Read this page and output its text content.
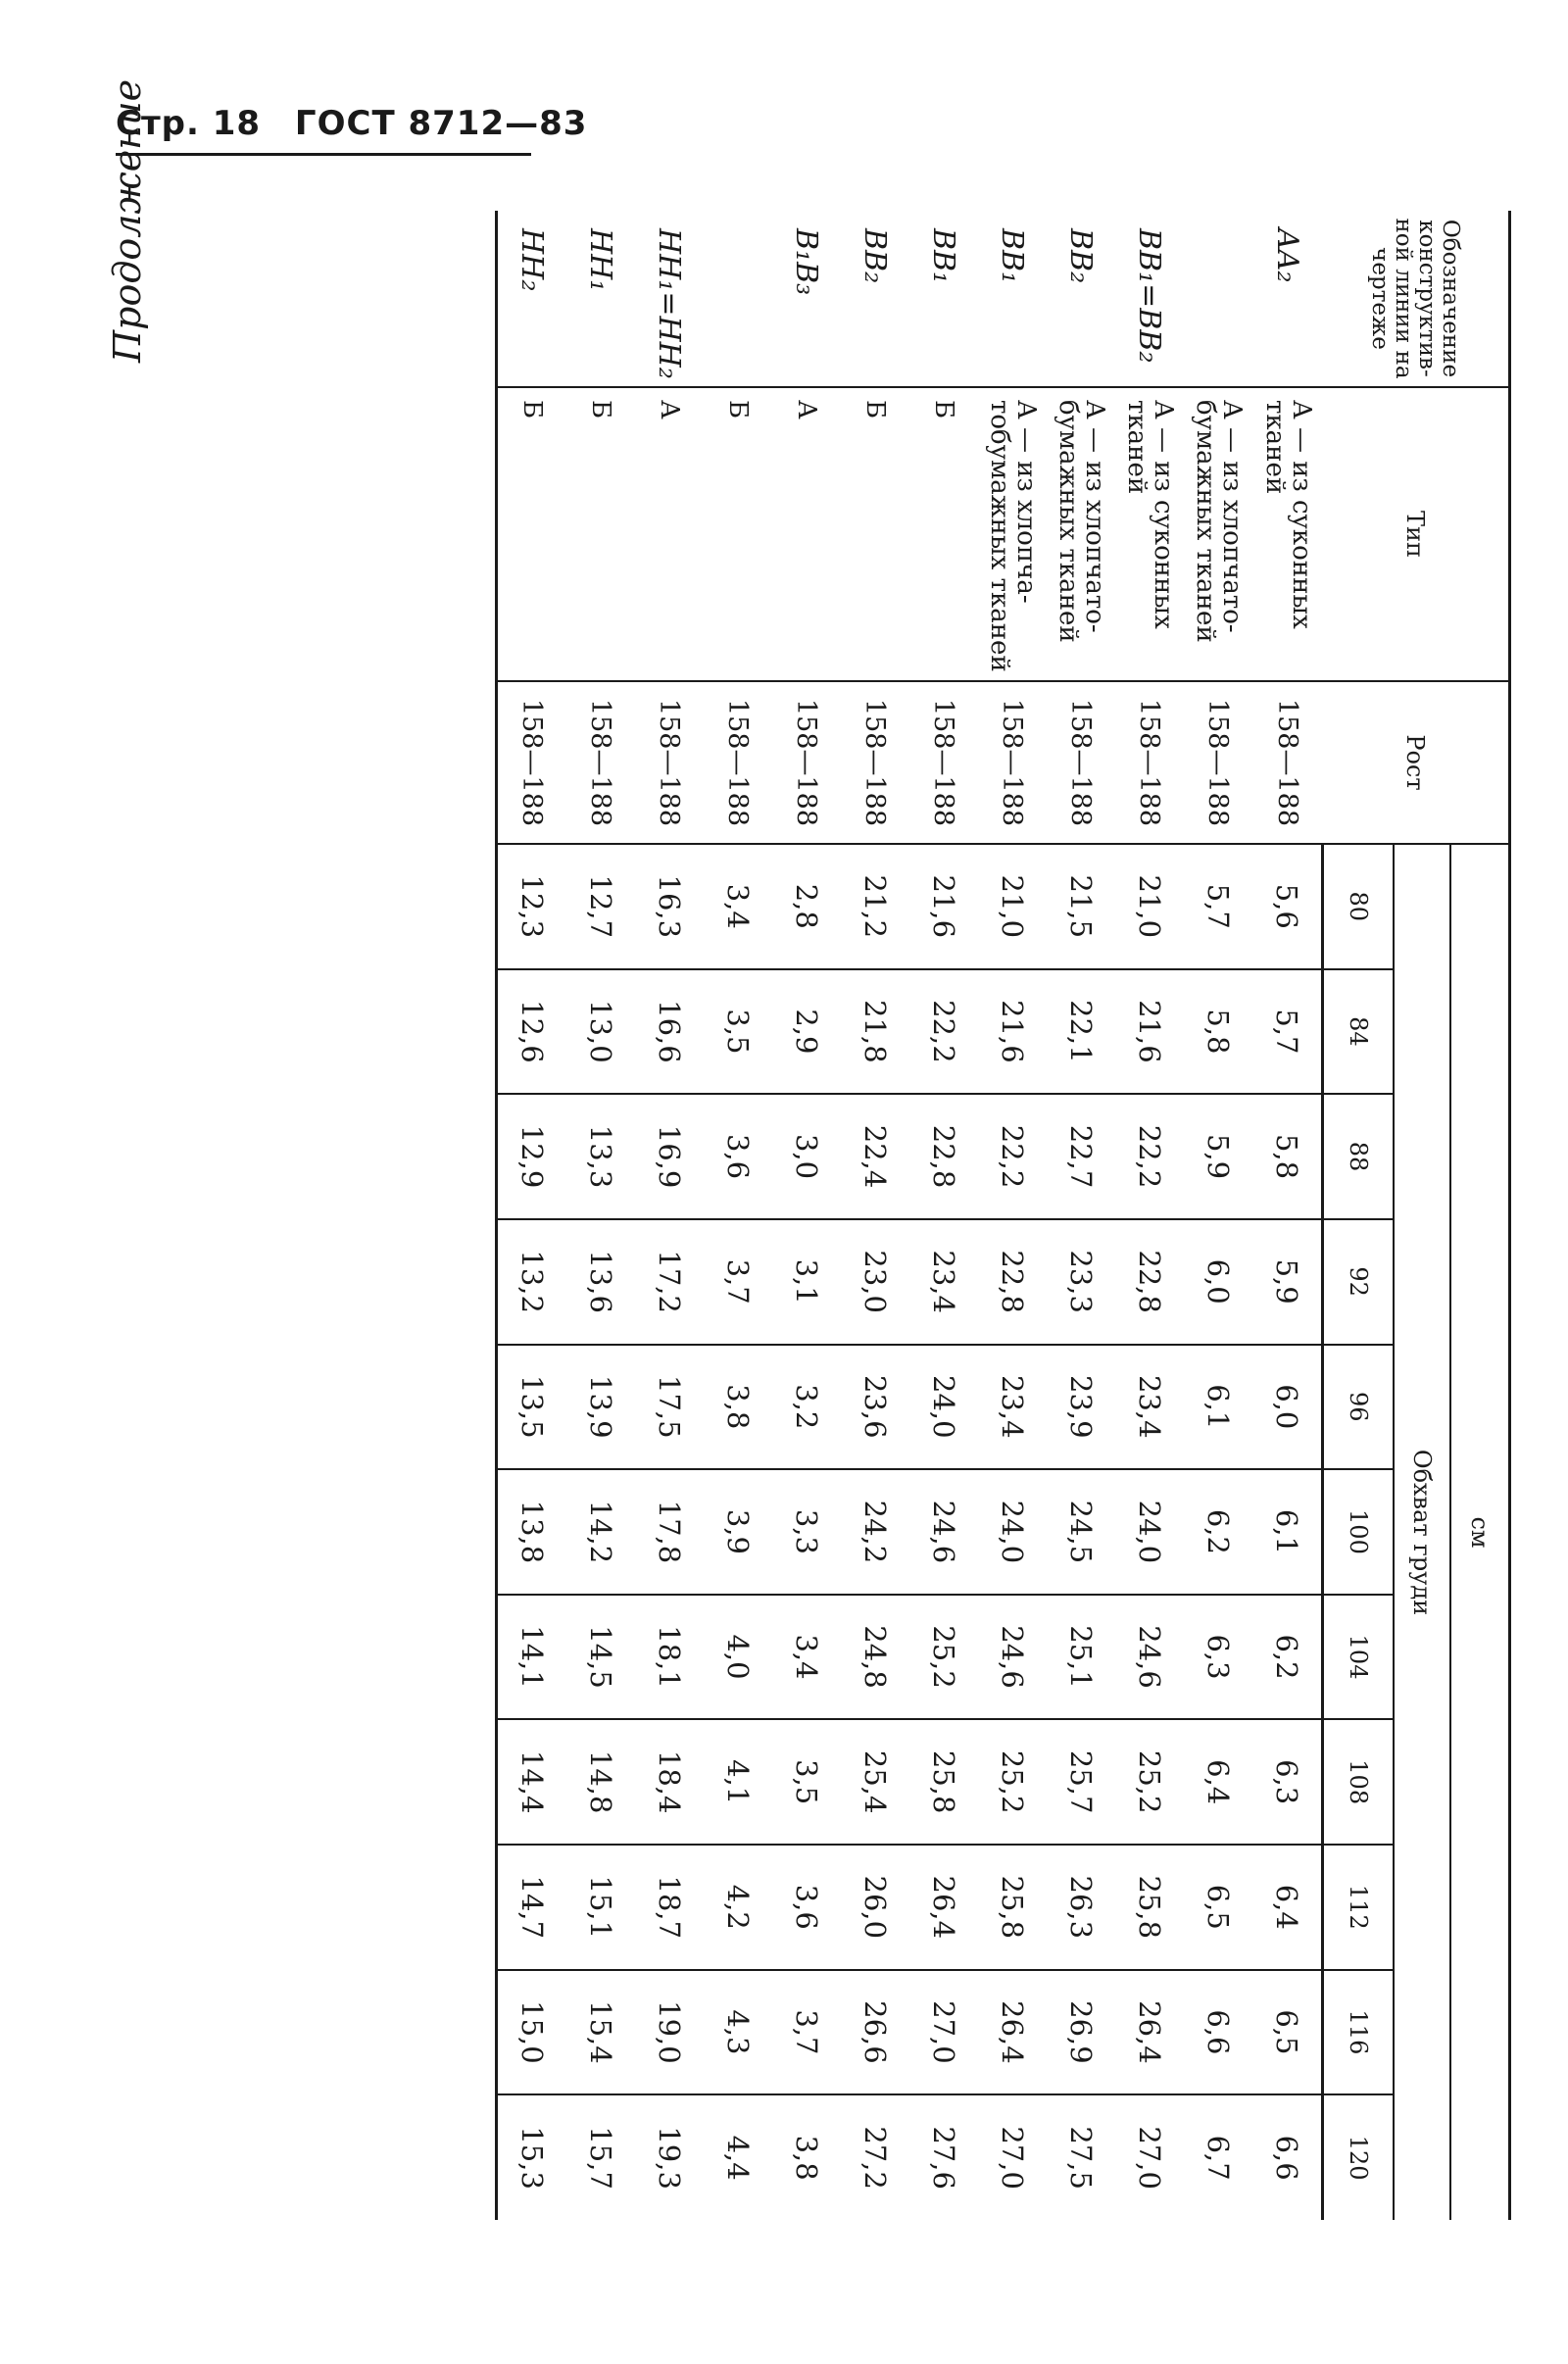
Стр. 18 ГОСТ 8712—83
Продолжение	Обозначение конструктив-ной линии на чертеже	Тип	Рост	см										
			Обхват груди										
			80	84	88	92	96	100	104	108	112	116	120
AA₂	А — из суконных тканей	158—188	5,6	5,7	5,8	5,9	6,0	6,1	6,2	6,3	6,4	6,5	6,6
	А — из хлопчато-бумажных тканей	158—188	5,7	5,8	5,9	6,0	6,1	6,2	6,3	6,4	6,5	6,6	6,7
BB₁=BB₂	А — из суконных тканей	158—188	21,0	21,6	22,2	22,8	23,4	24,0	24,6	25,2	25,8	26,4	27,0
BB₂	А — из хлопчато-бумажных тканей	158—188	21,5	22,1	22,7	23,3	23,9	24,5	25,1	25,7	26,3	26,9	27,5
BB₁	А — из хлопча-тобумажных тканей	158—188	21,0	21,6	22,2	22,8	23,4	24,0	24,6	25,2	25,8	26,4	27,0
BB₁	Б	158—188	21,6	22,2	22,8	23,4	24,0	24,6	25,2	25,8	26,4	27,0	27,6
BB₂	Б	158—188	21,2	21,8	22,4	23,0	23,6	24,2	24,8	25,4	26,0	26,6	27,2
B₁B₃	А	158—188	2,8	2,9	3,0	3,1	3,2	3,3	3,4	3,5	3,6	3,7	3,8
	Б	158—188	3,4	3,5	3,6	3,7	3,8	3,9	4,0	4,1	4,2	4,3	4,4
HH₁=HH₂	А	158—188	16,3	16,6	16,9	17,2	17,5	17,8	18,1	18,4	18,7	19,0	19,3
HH₁	Б	158—188	12,7	13,0	13,3	13,6	13,9	14,2	14,5	14,8	15,1	15,4	15,7
HH₂	Б	158—188	12,3	12,6	12,9	13,2	13,5	13,8	14,1	14,4	14,7	15,0	15,3
